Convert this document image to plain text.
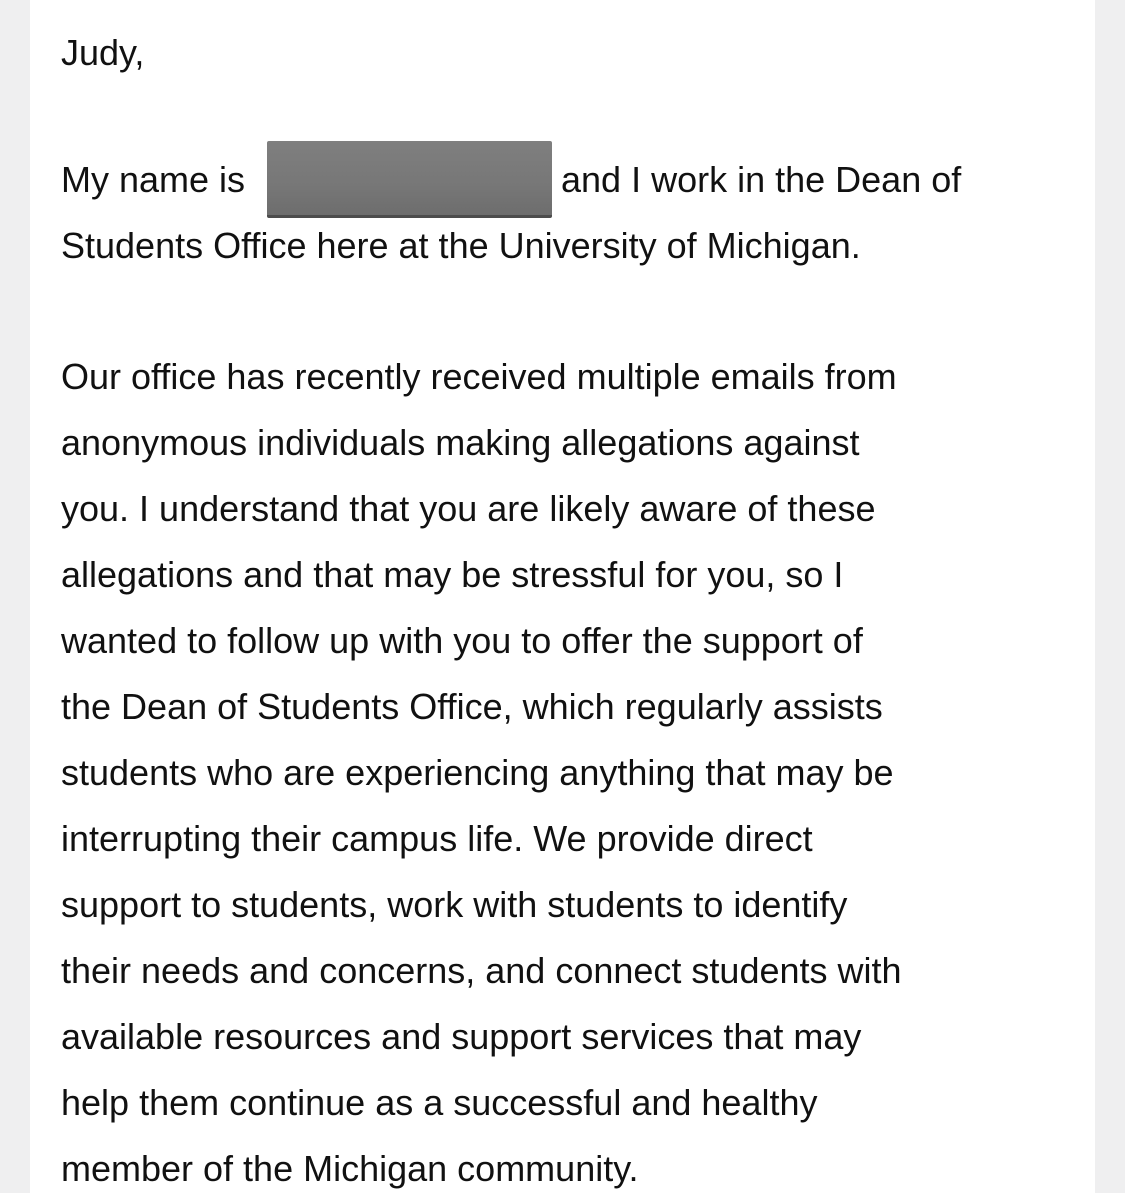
Judy,

My name is	and I work in the Dean of

Students Office here at the University of Michigan.

Our office has recently received multiple emails from

anonymous individuals making allegations against

you. I understand that you are likely aware of these

allegations and that may be stressful for you, so I

wanted to follow up with you to offer the support of

the Dean of Students Office, which regularly assists

students who are experiencing anything that may be

interrupting their campus life. We provide direct

support to students, work with students to identify

their needs and concerns, and connect students with

available resources and support services that may

help them continue as a successful and healthy

member of the Michigan community.
